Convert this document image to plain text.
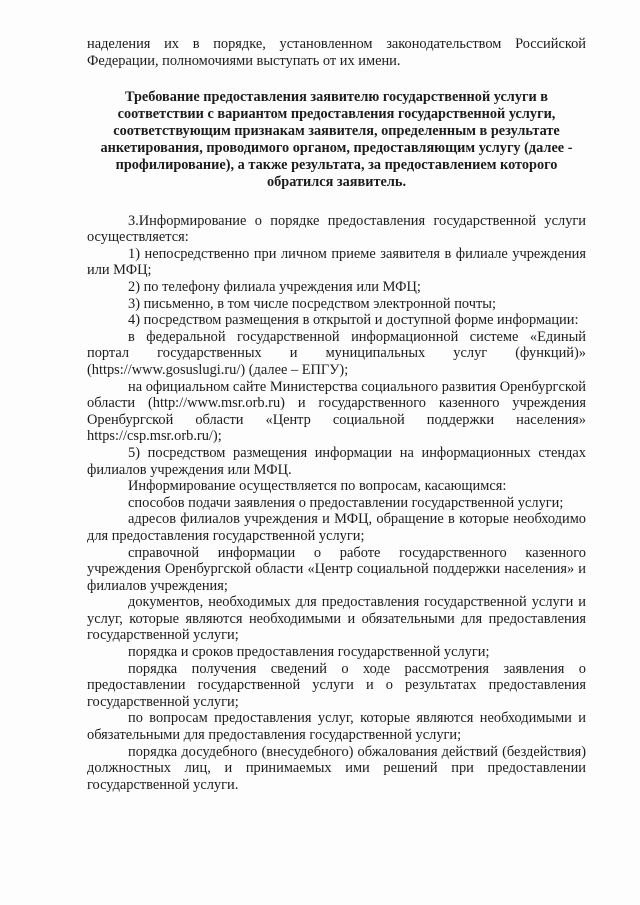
наделения их в порядке, установленном законодательством Российской Федерации, полномочиями выступать от их имени.

Требование предоставления заявителю государственной услуги в соответствии с вариантом предоставления государственной услуги, соответствующим признакам заявителя, определенным в результате анкетирования, проводимого органом, предоставляющим услугу (далее - профилирование), а также результата, за предоставлением которого обратился заявитель.

3.Информирование о порядке предоставления государственной услуги осуществляется:

1) непосредственно при личном приеме заявителя в филиале учреждения или МФЦ;

2) по телефону филиала учреждения или МФЦ;

3) письменно, в том числе посредством электронной почты;

4) посредством размещения в открытой и доступной форме информации:

в федеральной государственной информационной системе «Единый портал государственных и муниципальных услуг (функций)» (https://www.gosuslugi.ru/) (далее – ЕПГУ);

на официальном сайте Министерства социального развития Оренбургской области (http://www.msr.orb.ru) и государственного казенного учреждения Оренбургской области «Центр социальной поддержки населения» https://csp.msr.orb.ru/);

5) посредством размещения информации на информационных стендах филиалов учреждения или МФЦ.

Информирование осуществляется по вопросам, касающимся:

способов подачи заявления о предоставлении государственной услуги;

адресов филиалов учреждения и МФЦ, обращение в которые необходимо для предоставления государственной услуги;

справочной информации о работе государственного казенного учреждения Оренбургской области «Центр социальной поддержки населения» и филиалов учреждения;

документов, необходимых для предоставления государственной услуги и услуг, которые являются необходимыми и обязательными для предоставления государственной услуги;

порядка и сроков предоставления государственной услуги;

порядка получения сведений о ходе рассмотрения заявления о предоставлении государственной услуги и о результатах предоставления государственной услуги;

по вопросам предоставления услуг, которые являются необходимыми и обязательными для предоставления государственной услуги;

порядка досудебного (внесудебного) обжалования действий (бездействия) должностных лиц, и принимаемых ими решений при предоставлении государственной услуги.
